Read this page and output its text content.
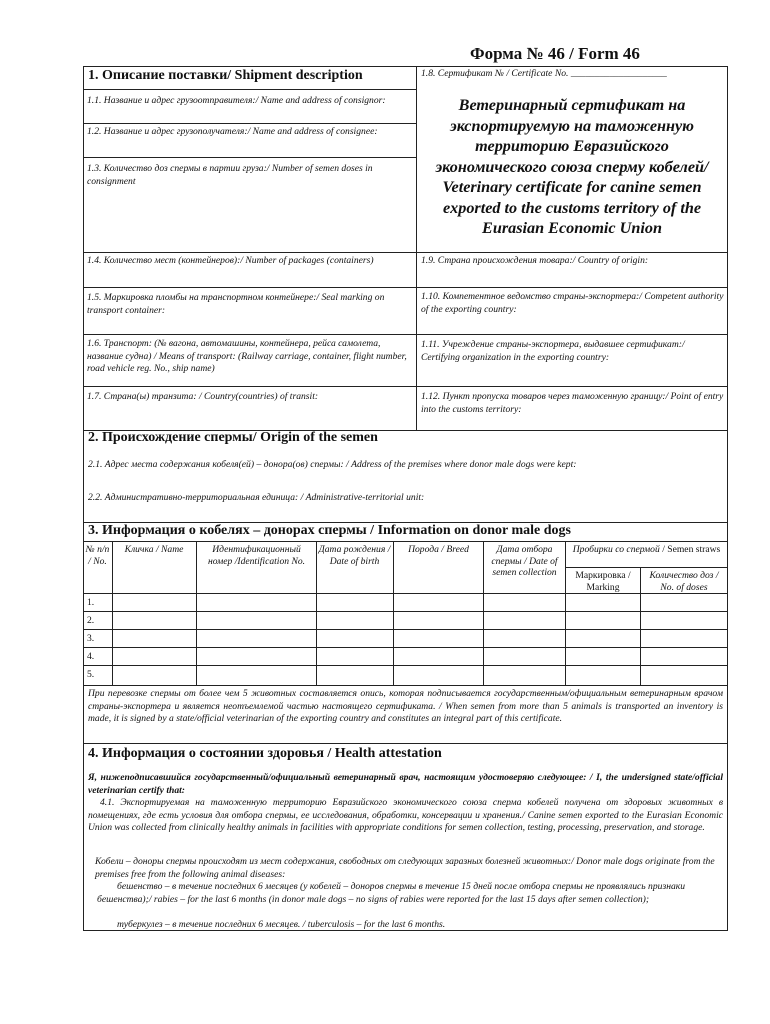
Форма № 46 / Form 46
1. Описание поставки/ Shipment description
1.1. Название и адрес грузоотправителя:/ Name and address of consignor:
1.2. Название и адрес грузополучателя:/ Name and address of consignee:
1.3. Количество доз спермы в партии груза:/ Number of semen doses in consignment
1.4. Количество мест (контейнеров):/ Number of packages (containers)
1.5. Маркировка пломбы на транспортном контейнере:/ Seal marking on transport container:
1.6. Транспорт: (№ вагона, автомашины, контейнера, рейса самолета, название судна) / Means of transport: (Railway carriage, container, flight number, road vehicle reg. No., ship name)
1.7. Страна(ы) транзита: / Country(countries) of transit:
1.8. Сертификат № / Certificate No. ____________________
Ветеринарный сертификат на экспортируемую на таможенную территорию Евразийского экономического союза сперму кобелей/ Veterinary certificate for canine semen exported to the customs territory of the Eurasian Economic Union
1.9. Страна происхождения товара:/ Country of origin:
1.10. Компетентное ведомство страны-экспортера:/ Competent authority of the exporting country:
1.11. Учреждение страны-экспортера, выдавшее сертификат:/ Certifying organization in the exporting country:
1.12. Пункт пропуска товаров через таможенную границу:/ Point of entry into the customs territory:
2. Происхождение спермы/ Origin of the semen
2.1. Адрес места содержания кобеля(ей) – донора(ов) спермы: / Address of the premises where donor male dogs were kept:
2.2. Административно-территориальная единица: / Administrative-territorial unit:
3. Информация о кобелях – донорах спермы / Information on donor male dogs
№ п/п / No.
Кличка / Name	Идентификационный номер /Identification No.
Дата рождения / Date of birth
Порода / Breed	Дата отбора спермы / Date of semen collection
Пробирки со спермой / Semen straws
Маркировка / Marking
Количество доз / No. of doses
1.
2.
3.
4.
5.
При перевозке спермы от более чем 5 животных составляется опись, которая подписывается государственным/официальным ветеринарным врачом страны-экспортера и является неотъемлемой частью настоящего сертификата. / When semen from more than 5 animals is transported an inventory is made, it is signed by a state/official veterinarian of the exporting country and constitutes an integral part of this certificate.
4. Информация о состоянии здоровья / Health attestation
Я, нижеподписавшийся государственный/официальный ветеринарный врач, настоящим удостоверяю следующее: / I, the undersigned state/official veterinarian certify that:
4.1. Экспортируемая на таможенную территорию Евразийского экономического союза сперма кобелей получена от здоровых животных в помещениях, где есть условия для отбора спермы, ее исследования, обработки, консервации и хранения./ Canine semen exported to the Eurasian Economic Union was collected from clinically healthy animals in facilities with appropriate conditions for semen collection, testing, processing, preservation, and storage.
Кобели – доноры спермы происходят из мест содержания, свободных от следующих заразных болезней животных:/ Donor male dogs originate from the premises free from the following animal diseases:
бешенство – в течение последних 6 месяцев (у кобелей – доноров спермы в течение 15 дней после отбора спермы не проявлялись признаки бешенства);/ rabies – for the last 6 months (in donor male dogs – no signs of rabies were reported for the last 15 days after semen collection);
туберкулез – в течение последних 6 месяцев. / tuberculosis – for the last 6 months.
